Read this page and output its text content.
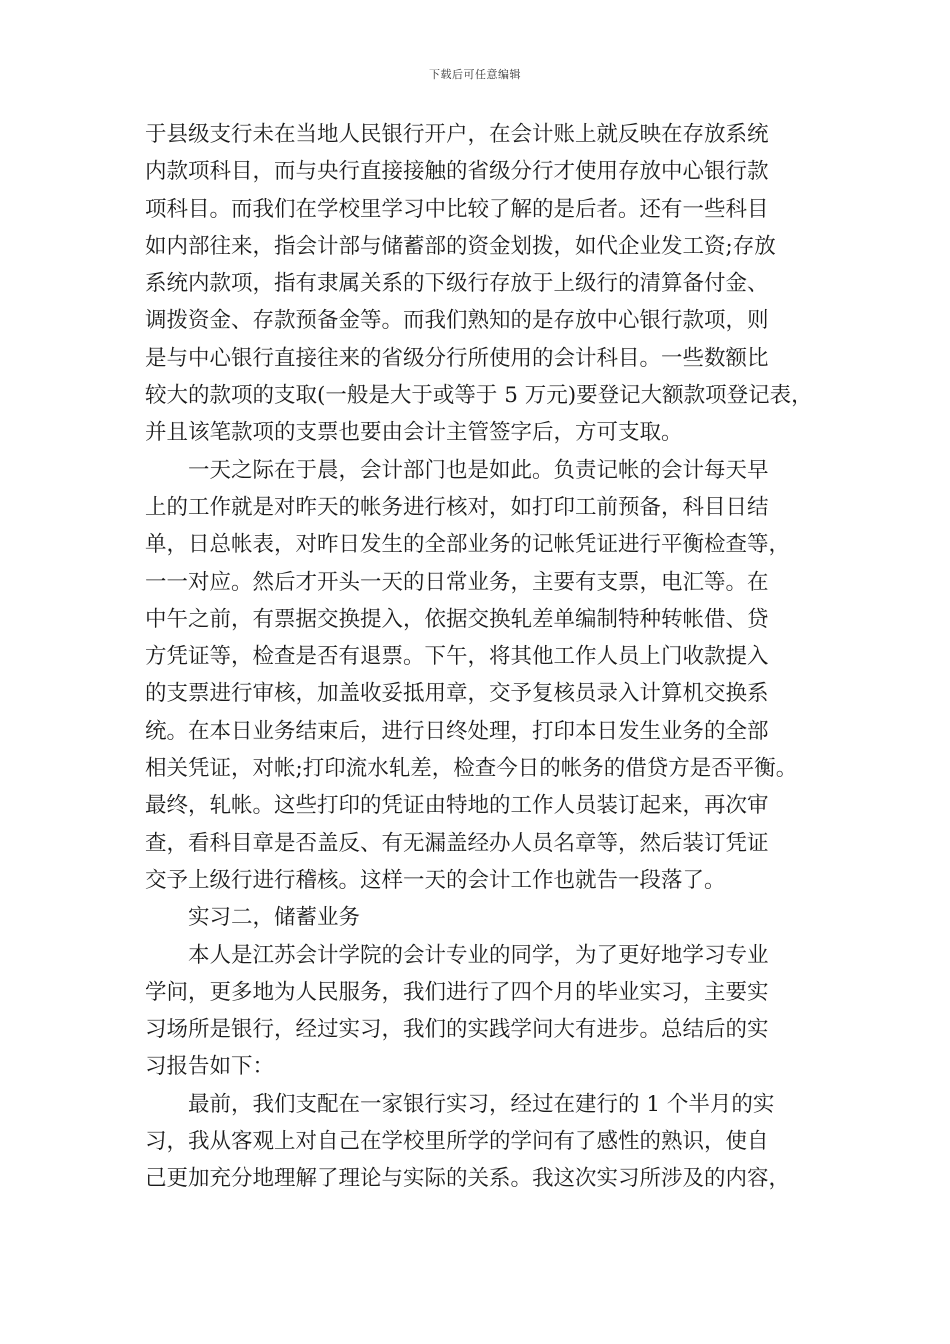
下载后可任意编辑
于县级支行未在当地人民银行开户，在会计账上就反映在存放系统
内款项科目，而与央行直接接触的省级分行才使用存放中心银行款
项科目。而我们在学校里学习中比较了解的是后者。还有一些科目
如内部往来，指会计部与储蓄部的资金划拨，如代企业发工资;存放
系统内款项，指有隶属关系的下级行存放于上级行的清算备付金、
调拨资金、存款预备金等。而我们熟知的是存放中心银行款项，则
是与中心银行直接往来的省级分行所使用的会计科目。一些数额比
较大的款项的支取(一般是大于或等于 5 万元)要登记大额款项登记表，
并且该笔款项的支票也要由会计主管签字后，方可支取。
一天之际在于晨，会计部门也是如此。负责记帐的会计每天早
上的工作就是对昨天的帐务进行核对，如打印工前预备，科目日结
单，日总帐表，对昨日发生的全部业务的记帐凭证进行平衡检查等，
一一对应。然后才开头一天的日常业务，主要有支票，电汇等。在
中午之前，有票据交换提入，依据交换轧差单编制特种转帐借、贷
方凭证等，检查是否有退票。下午，将其他工作人员上门收款提入
的支票进行审核，加盖收妥抵用章，交予复核员录入计算机交换系
统。在本日业务结束后，进行日终处理，打印本日发生业务的全部
相关凭证，对帐;打印流水轧差，检查今日的帐务的借贷方是否平衡。
最终，轧帐。这些打印的凭证由特地的工作人员装订起来，再次审
查，看科目章是否盖反、有无漏盖经办人员名章等，然后装订凭证
交予上级行进行稽核。这样一天的会计工作也就告一段落了。
实习二，储蓄业务
本人是江苏会计学院的会计专业的同学，为了更好地学习专业
学问，更多地为人民服务，我们进行了四个月的毕业实习，主要实
习场所是银行，经过实习，我们的实践学问大有进步。总结后的实
习报告如下：
最前，我们支配在一家银行实习，经过在建行的 1 个半月的实
习，我从客观上对自己在学校里所学的学问有了感性的熟识，使自
己更加充分地理解了理论与实际的关系。我这次实习所涉及的内容，
